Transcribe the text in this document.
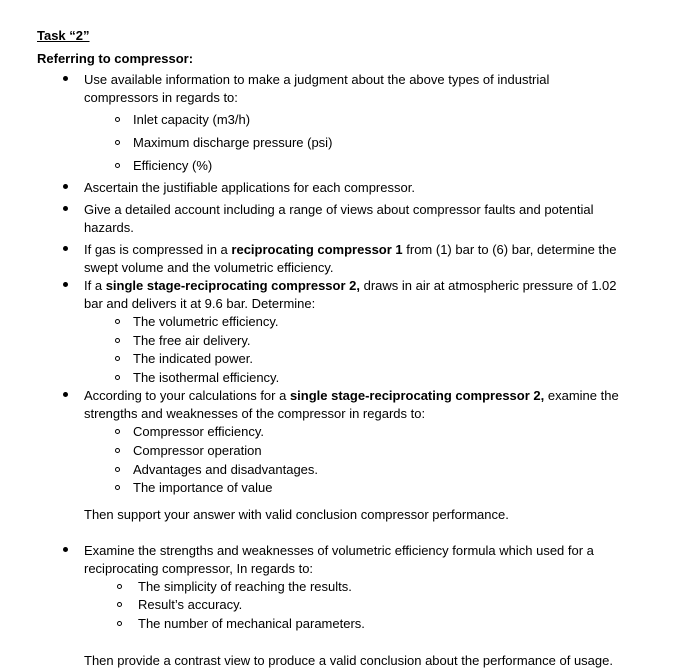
Task “2”
Referring to compressor:
Use available information to make a judgment about the above types of industrial
compressors in regards to:
Inlet capacity (m3/h)
Maximum discharge pressure (psi)
Efficiency (%)
Ascertain the justifiable applications for each compressor.
Give a detailed account including a range of views about compressor faults and potential
hazards.
If gas is compressed in a reciprocating compressor 1 from (1) bar to (6) bar, determine the
swept volume and the volumetric efficiency.
If a single stage-reciprocating compressor 2, draws in air at atmospheric pressure of 1.02
bar and delivers it at 9.6 bar. Determine:
The volumetric efficiency.
The free air delivery.
The indicated power.
The isothermal efficiency.
According to your calculations for a single stage-reciprocating compressor 2, examine the
strengths and weaknesses of the compressor in regards to:
Compressor efficiency.
Compressor operation
Advantages and disadvantages.
The importance of value
Then support your answer with valid conclusion compressor performance.
Examine the strengths and weaknesses of volumetric efficiency formula which used for a
reciprocating compressor, In regards to:
The simplicity of reaching the results.
Result’s accuracy.
The number of mechanical parameters.
Then provide a contrast view to produce a valid conclusion about the performance of usage.
